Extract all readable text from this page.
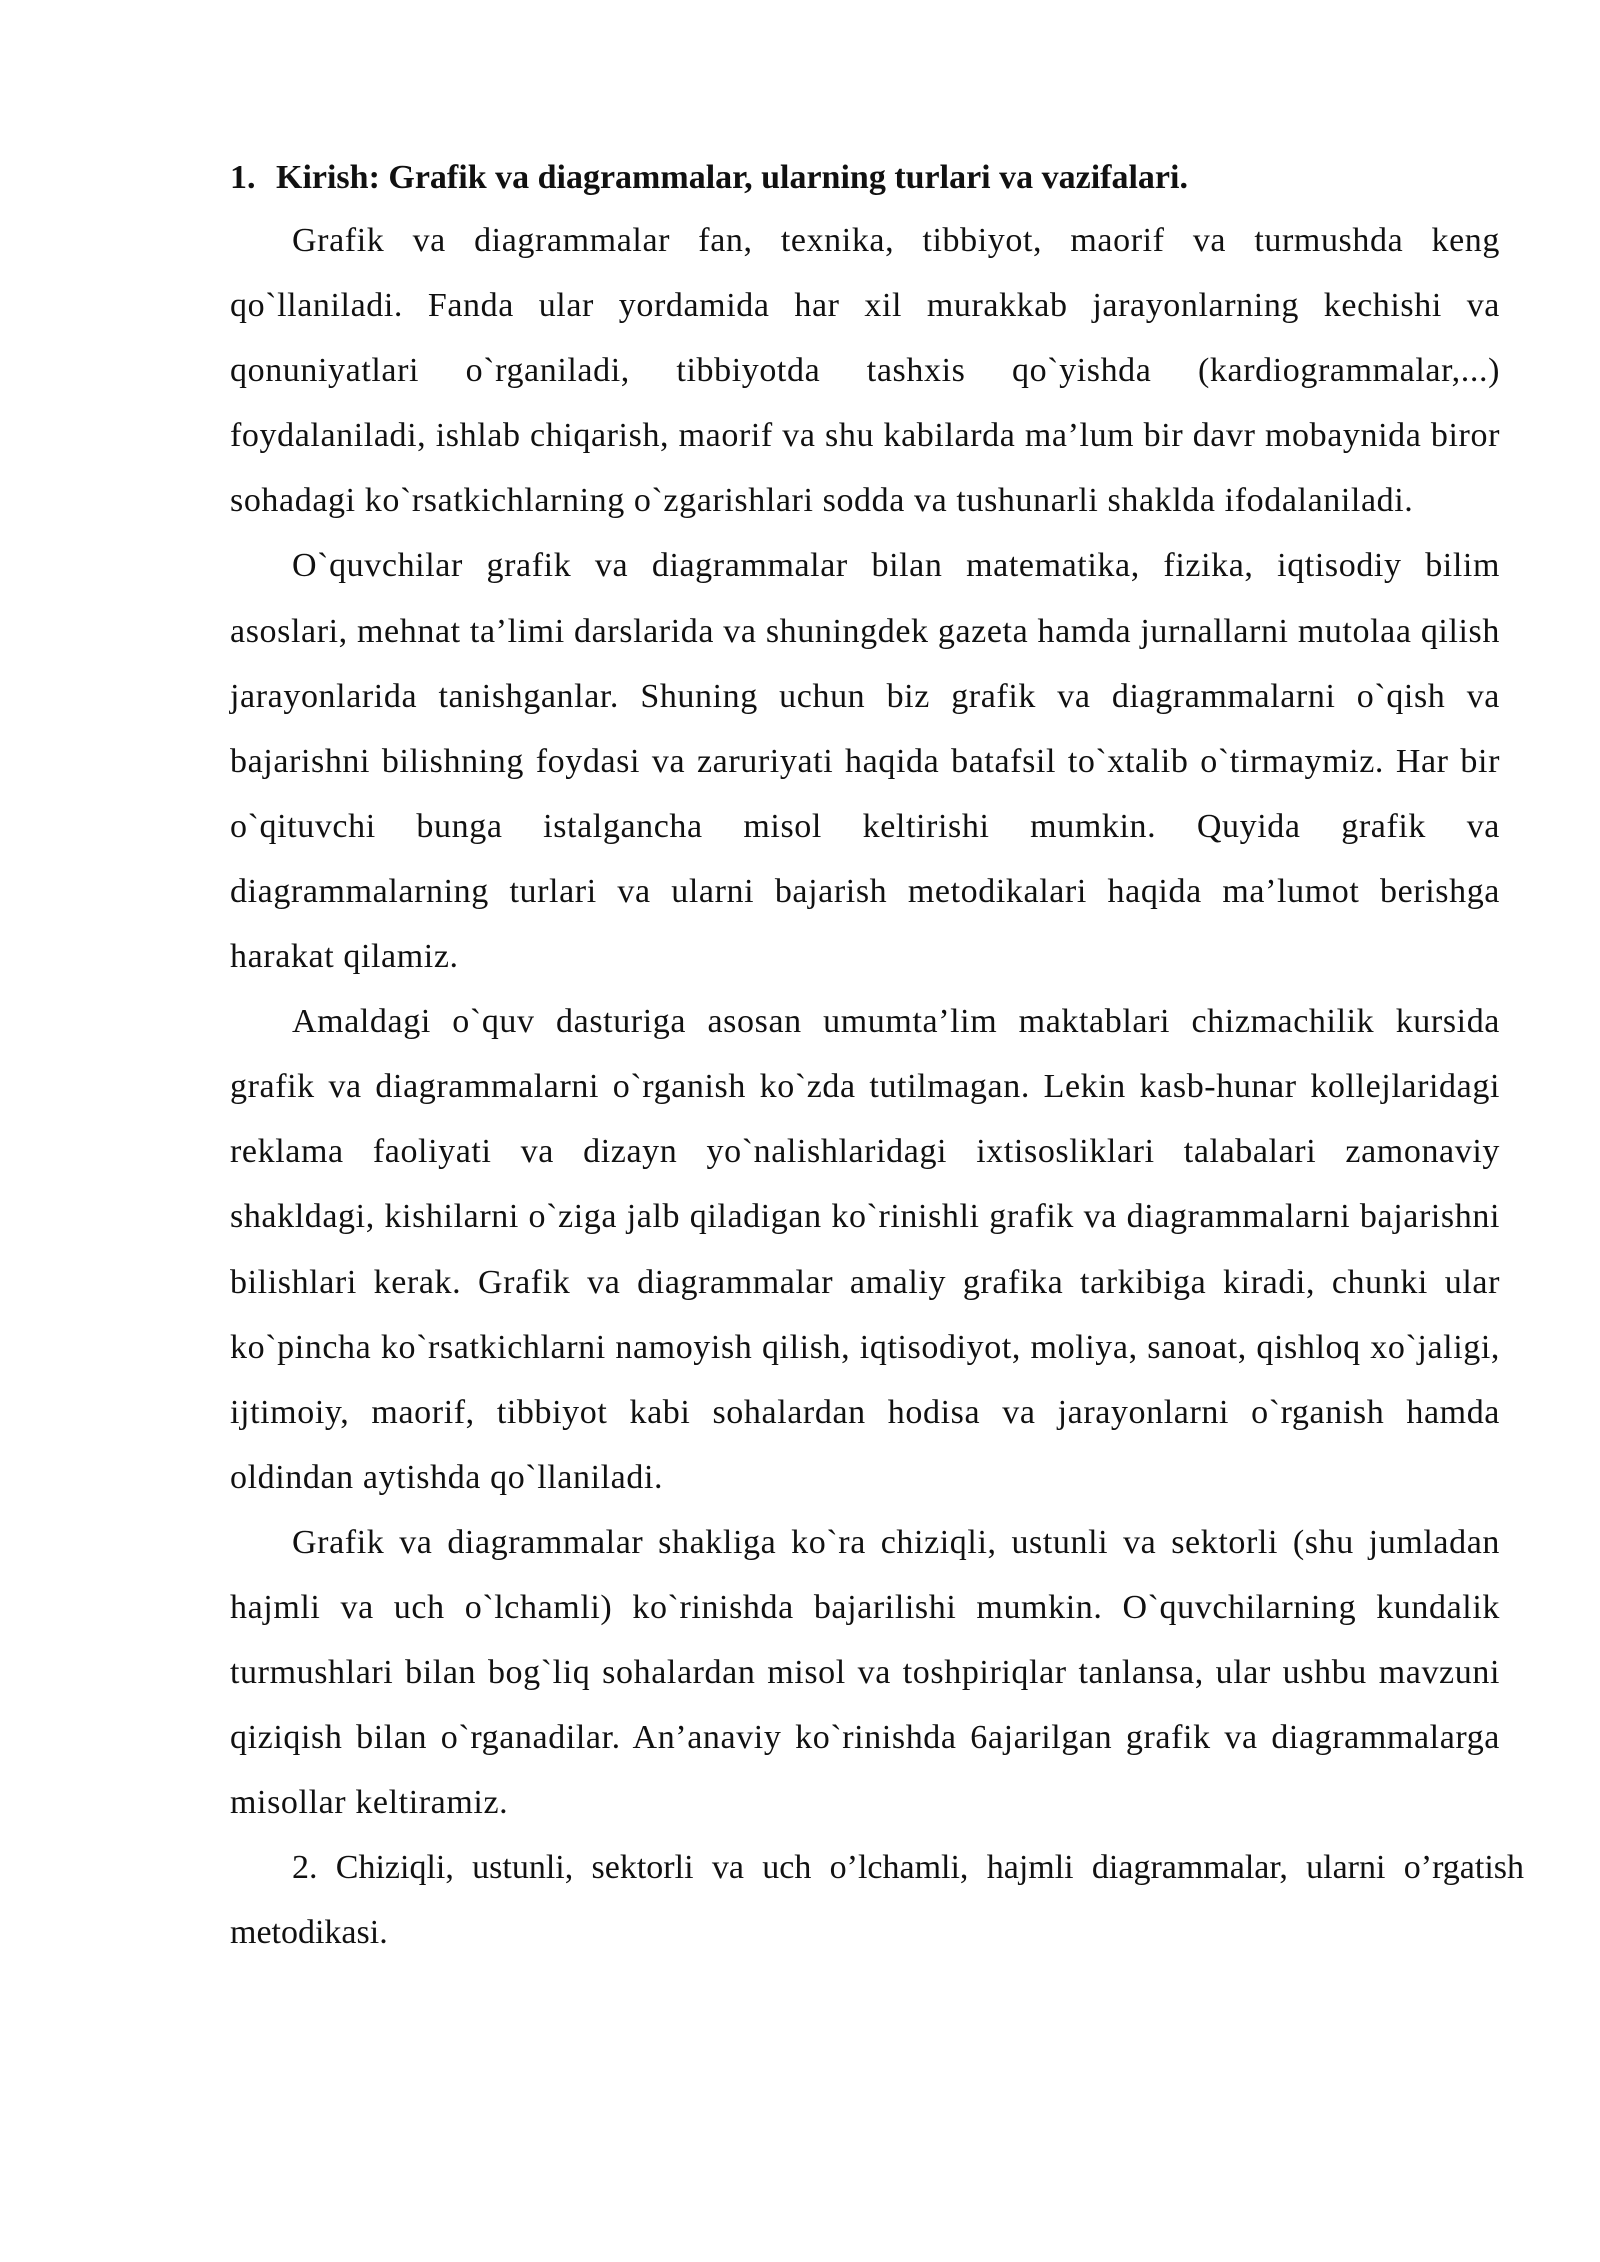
1. Kirish: Grafik va diagrammalar, ularning turlari va vazifalari.

Grafik va diagrammalar fan, texnika, tibbiyot, maorif va turmushda keng qo`llaniladi. Fanda ular yordamida har xil murakkab jarayonlarning kechishi va qonuniyatlari o`rganiladi, tibbiyotda tashxis qo`yishda (kardiogrammalar,...) foydalaniladi, ishlab chiqarish, maorif va shu kabilarda ma’lum bir davr mobaynida biror sohadagi ko`rsatkichlarning o`zgarishlari sodda va tushunarli shaklda ifodalaniladi.

O`quvchilar grafik va diagrammalar bilan matematika, fizika, iqtisodiy bilim asoslari, mehnat ta’limi darslarida va shuningdek gazeta hamda jurnallarni mutolaa qilish jarayonlarida tanishganlar. Shuning uchun biz grafik va diagrammalarni o`qish va bajarishni bilishning foydasi va zaruriyati haqida batafsil to`xtalib o`tirmaymiz. Har bir o`qituvchi bunga istalgancha misol keltirishi mumkin. Quyida grafik va diagrammalarning turlari va ularni bajarish metodikalari haqida ma’lumot berishga harakat qilamiz.

Amaldagi o`quv dasturiga asosan umumta’lim maktablari chizmachilik kursida grafik va diagrammalarni o`rganish ko`zda tutilmagan. Lekin kasb-hunar kollejlaridagi reklama faoliyati va dizayn yo`nalishlaridagi ixtisosliklari talabalari zamonaviy shakldagi, kishilarni o`ziga jalb qiladigan ko`rinishli grafik va diagrammalarni bajarishni bilishlari kerak. Grafik va diagrammalar amaliy grafika tarkibiga kiradi, chunki ular ko`pincha ko`rsatkichlarni namoyish qilish, iqtisodiyot, moliya, sanoat, qishloq xo`jaligi, ijtimoiy, maorif, tibbiyot kabi sohalardan hodisa va jarayonlarni o`rganish hamda oldindan aytishda qo`llaniladi.

Grafik va diagrammalar shakliga ko`ra chiziqli, ustunli va sektorli (shu jumladan hajmli va uch o`lchamli) ko`rinishda bajarilishi mumkin. O`quvchilarning kundalik turmushlari bilan bog`liq sohalardan misol va toshpiriqlar tanlansa, ular ushbu mavzuni qiziqish bilan o`rganadilar. An’anaviy ko`rinishda 6ajarilgan grafik va diagrammalarga misollar keltiramiz.

2. Chiziqli, ustunli, sektorli va uch o’lchamli, hajmli diagrammalar, ularni o’rgatish metodikasi.
